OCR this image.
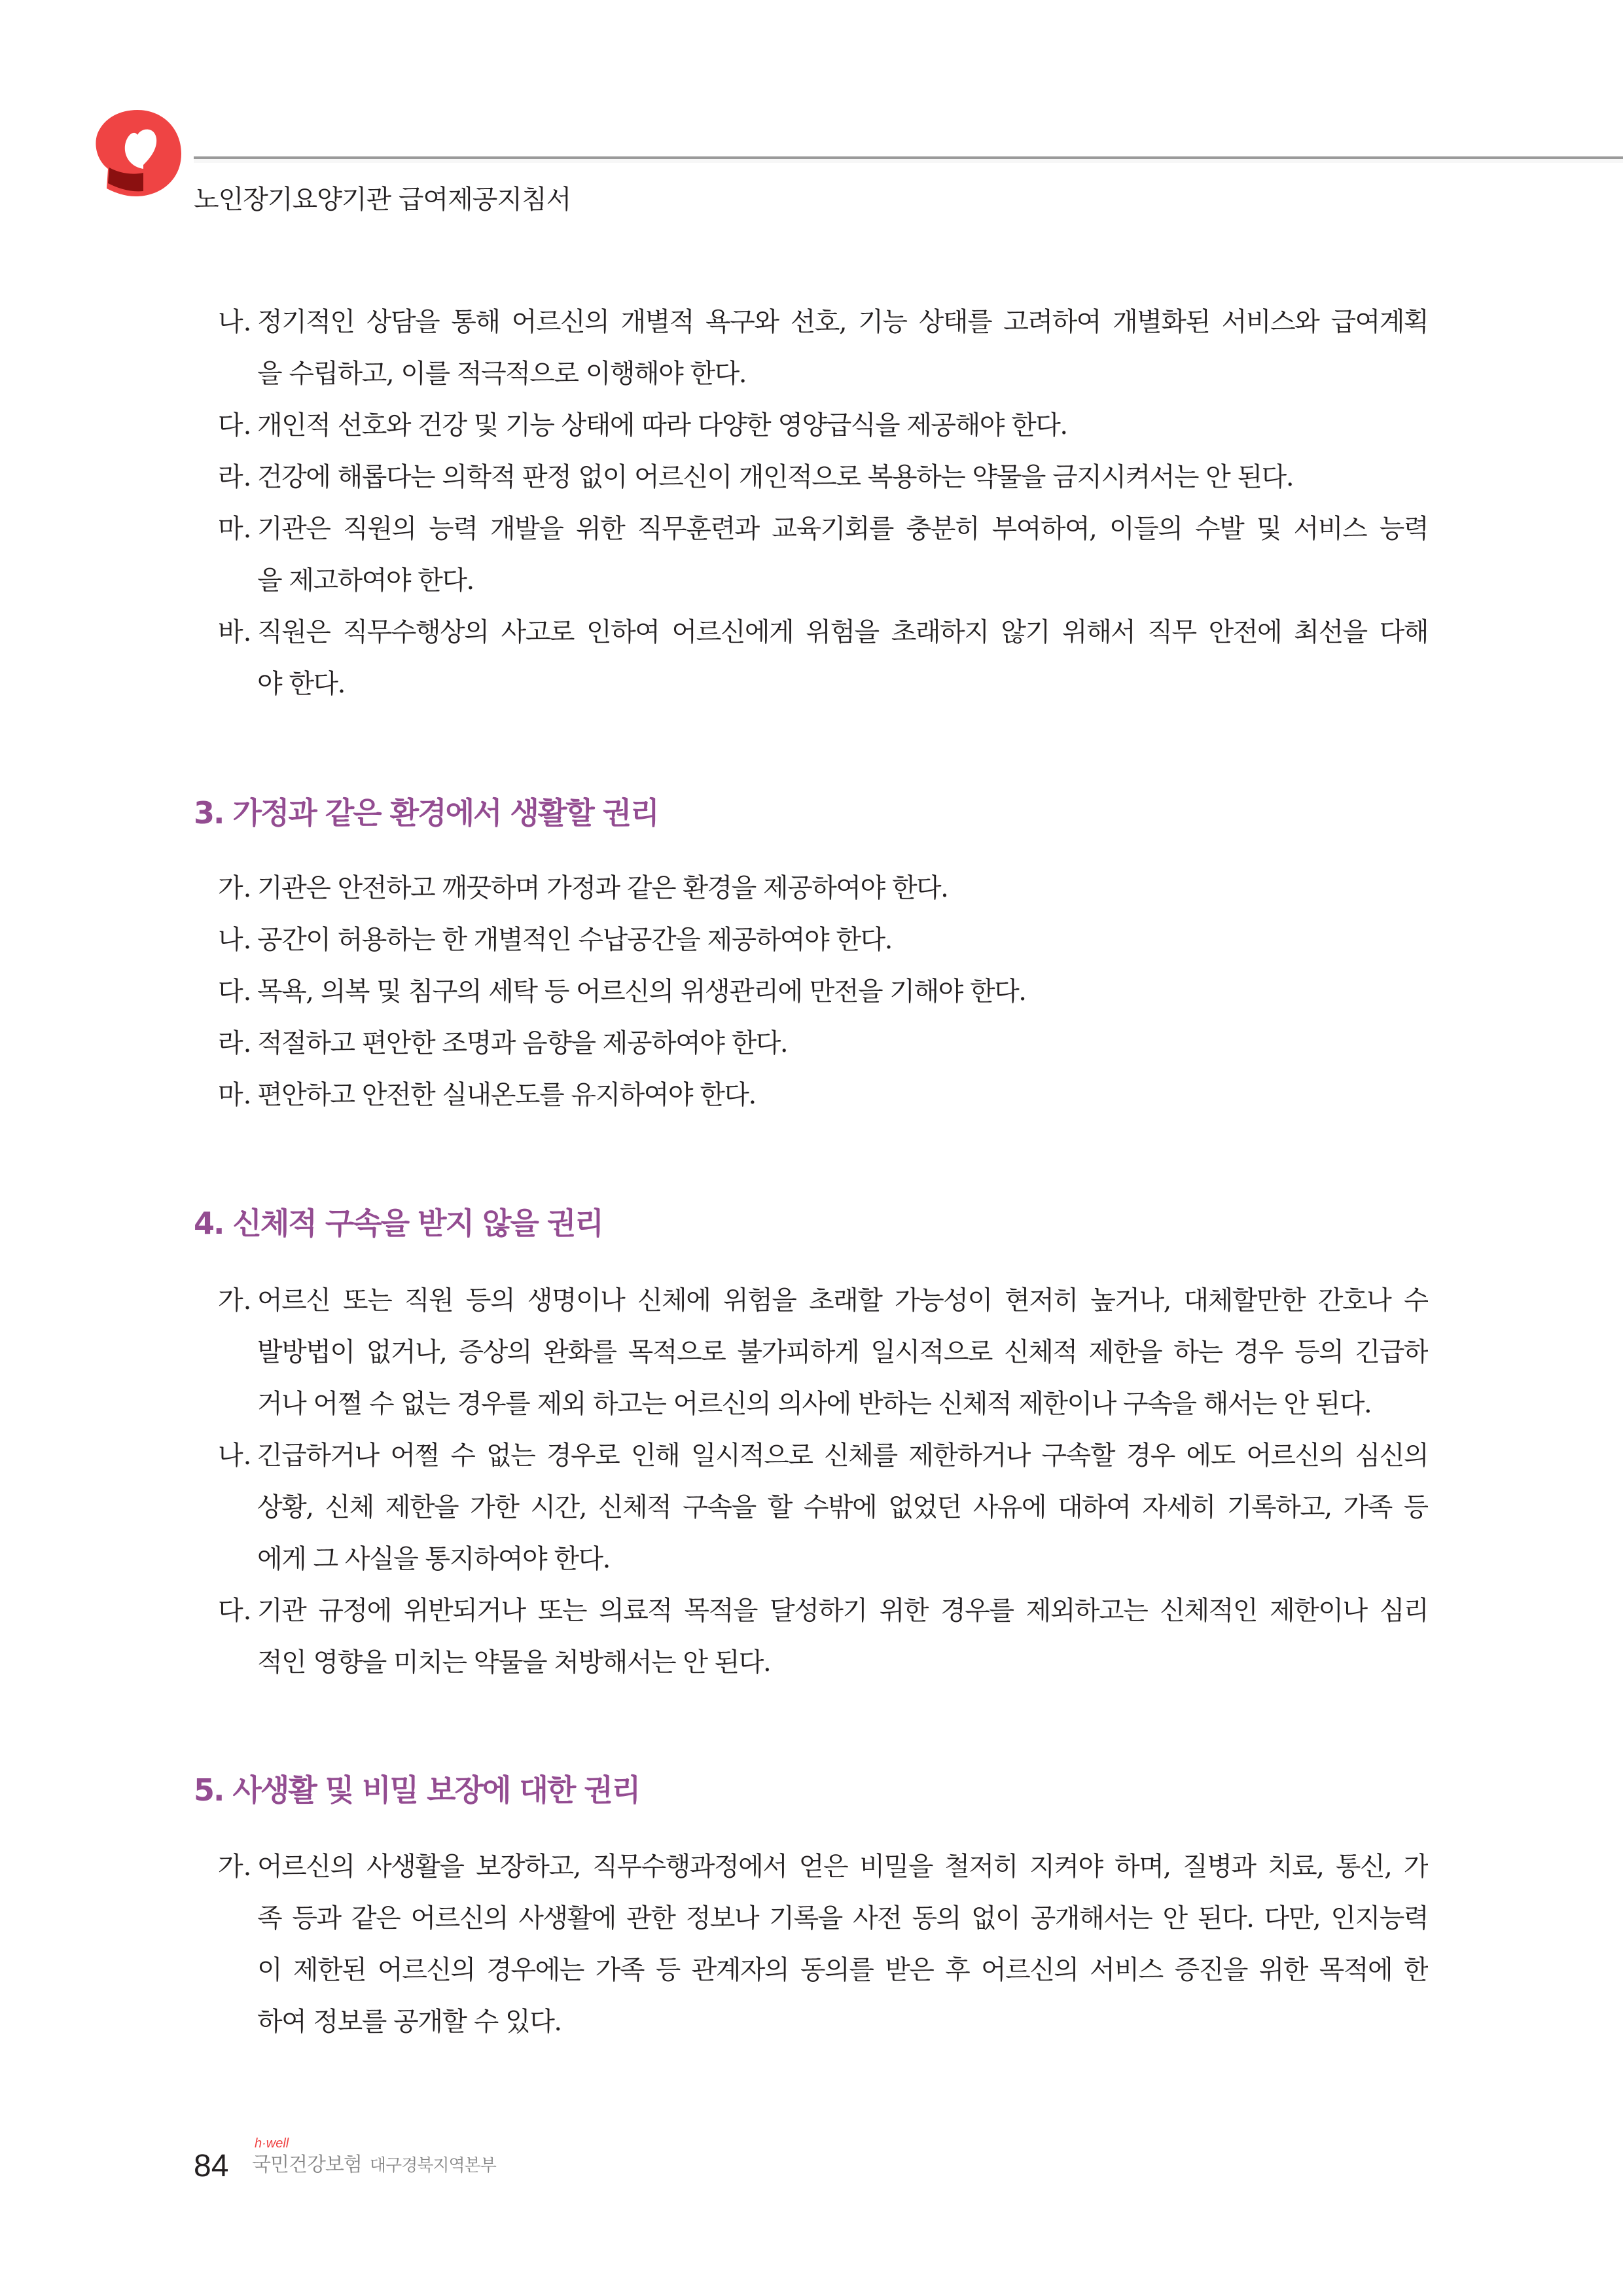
노인장기요양기관 급여제공지침서
나. 정기적인 상담을 통해 어르신의 개별적 욕구와 선호, 기능 상태를 고려하여 개별화된 서비스와 급여계획
을 수립하고, 이를 적극적으로 이행해야 한다.
다. 개인적 선호와 건강 및 기능 상태에 따라 다양한 영양급식을 제공해야 한다.
라. 건강에 해롭다는 의학적 판정 없이 어르신이 개인적으로 복용하는 약물을 금지시켜서는 안 된다.
마. 기관은 직원의 능력 개발을 위한 직무훈련과 교육기회를 충분히 부여하여, 이들의 수발 및 서비스 능력
을 제고하여야 한다.
바. 직원은 직무수행상의 사고로 인하여 어르신에게 위험을 초래하지 않기 위해서 직무 안전에 최선을 다해
야 한다.
3. 가정과 같은 환경에서 생활할 권리
가. 기관은 안전하고 깨끗하며 가정과 같은 환경을 제공하여야 한다.
나. 공간이 허용하는 한 개별적인 수납공간을 제공하여야 한다.
다. 목욕, 의복 및 침구의 세탁 등 어르신의 위생관리에 만전을 기해야 한다.
라. 적절하고 편안한 조명과 음향을 제공하여야 한다.
마. 편안하고 안전한 실내온도를 유지하여야 한다.
4. 신체적 구속을 받지 않을 권리
가. 어르신 또는 직원 등의 생명이나 신체에 위험을 초래할 가능성이 현저히 높거나, 대체할만한 간호나 수
발방법이 없거나, 증상의 완화를 목적으로 불가피하게 일시적으로 신체적 제한을 하는 경우 등의 긴급하
거나 어쩔 수 없는 경우를 제외 하고는 어르신의 의사에 반하는 신체적 제한이나 구속을 해서는 안 된다.
나. 긴급하거나 어쩔 수 없는 경우로 인해 일시적으로 신체를 제한하거나 구속할 경우 에도 어르신의 심신의
상황, 신체 제한을 가한 시간, 신체적 구속을 할 수밖에 없었던 사유에 대하여 자세히 기록하고, 가족 등
에게 그 사실을 통지하여야 한다.
다. 기관 규정에 위반되거나 또는 의료적 목적을 달성하기 위한 경우를 제외하고는 신체적인 제한이나 심리
적인 영향을 미치는 약물을 처방해서는 안 된다.
5. 사생활 및 비밀 보장에 대한 권리
가. 어르신의 사생활을 보장하고, 직무수행과정에서 얻은 비밀을 철저히 지켜야 하며, 질병과 치료, 통신, 가
족 등과 같은 어르신의 사생활에 관한 정보나 기록을 사전 동의 없이 공개해서는 안 된다. 다만, 인지능력
이 제한된 어르신의 경우에는 가족 등 관계자의 동의를 받은 후 어르신의 서비스 증진을 위한 목적에 한
하여 정보를 공개할 수 있다.
84
h·well
국민건강보험 대구경북지역본부
